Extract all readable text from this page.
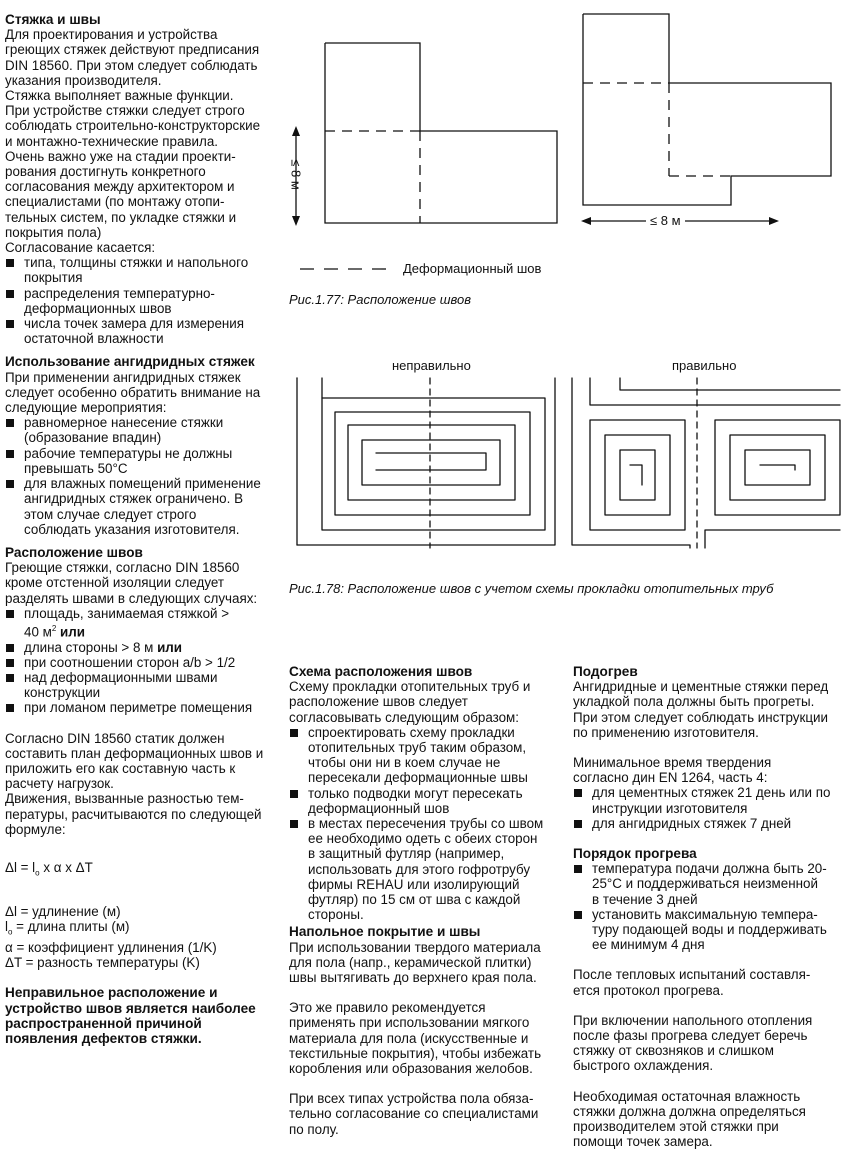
Стяжка и швы

Для проектирования и устройства
греющих стяжек действуют предписания
DIN 18560. При этом следует соблюдать
указания производителя.
Стяжка выполняет важные функции.
При устройстве стяжки следует строго
соблюдать строительно-конструкторские
и монтажно-технические правила.
Очень важно уже на стадии проекти-
рования достигнуть конкретного
согласования между архитектором и
специалистами (по монтажу отопи-
тельных систем, по укладке стяжки и
покрытия пола)
Согласование касается:

типа, толщины стяжки и напольного
покрытия
распределения температурно-
деформационных швов
числа точек замера для измерения
остаточной влажности

Использование ангидридных стяжек

При применении ангидридных стяжек
следует особенно обратить внимание на
следующие мероприятия:

равномерное нанесение стяжки
(образование впадин)
рабочие температуры не должны
превышать 50°С
для влажных помещений применение
ангидридных стяжек ограничено. В
этом случае следует строго
соблюдать указания изготовителя.

Расположение швов

Греющие стяжки, согласно DIN 18560
кроме отстенной изоляции следует
разделять швами в следующих случаях:

площадь, занимаемая стяжкой >
40 $м^2$ или
длина стороны > 8 м или
при соотношении сторон a/b > 1/2
над деформационными швами
конструкции
при ломаном периметре помещения

Согласно DIN 18560 статик должен
составить план деформационных швов и
приложить его как составную часть к
расчету нагрузок.
Движения, вызванные разностью тем-
пературы, расчитываются по следующей
формуле:

$\Delta l = l_o$ x α x ΔT

Δl = удлинение (м)
$l_o$ = длина плиты (м)
α = коэффициент удлинения (1/K)
ΔT = разность температуры (K)

Неправильное расположение и
устройство швов является наиболее
распространенной причиной
появления дефектов стяжки.

≤ 8 м
≤ 8 м
Деформационный шов
Рис.1.77: Расположение швов
неправильно	правильно
Рис.1.78: Расположение швов с учетом схемы прокладки отопительных труб

Схема расположения швов

Схему прокладки отопительных труб и
расположение швов следует
согласовывать следующим образом:

спроектировать схему прокладки
отопительных труб таким образом,
чтобы они ни в коем случае не
пересекали деформационные швы
только подводки могут пересекать
деформационный шов
в местах пересечения трубы со швом
ее необходимо одеть с обеих сторон
в защитный футляр (например,
использовать для этого гофротрубу
фирмы REHAU или изолирующий
футляр) по 15 см от шва с каждой
стороны.

Напольное покрытие и швы

При использовании твердого материала
для пола (напр., керамической плитки)
швы вытягивать до верхнего края пола.

Это же правило рекомендуется
применять при использовании мягкого
материала для пола (искусственные и
текстильные покрытия), чтобы избежать
коробления или образования желобов.

При всех типах устройства пола обяза-
тельно согласование со специалистами
по полу.

Подогрев

Ангидридные и цементные стяжки перед
укладкой пола должны быть прогреты.
При этом следует соблюдать инструкции
по применению изготовителя.

Минимальное время твердения
согласно дин EN 1264, часть 4:

для цементных стяжек 21 день или по
инструкции изготовителя
для ангидридных стяжек 7 дней

Порядок прогрева

температура подачи должна быть 20-
25°С и поддерживаться неизменной
в течение 3 дней
установить максимальную темпера-
туру подающей воды и поддерживать
ее минимум 4 дня

После тепловых испытаний составля-
ется протокол прогрева.

При включении напольного отопления
после фазы прогрева следует беречь
стяжку от сквозняков и слишком
быстрого охлаждения.

Необходимая остаточная влажность
стяжки должна должна определяться
производителем этой стяжки при
помощи точек замера.
